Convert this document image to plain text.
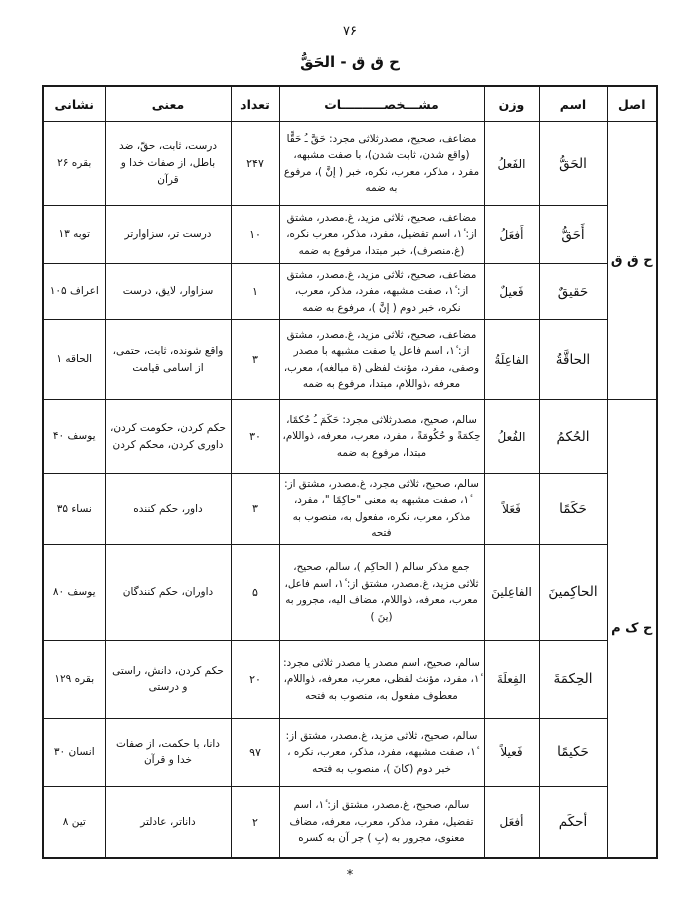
۷۶
ح ق ق - الحَقُّ
اصل	اسم	وزن	مشـــخصــــــــــات	تعداد	معنی	نشانی
ح ق ق	الحَقُّ	الفَعلُ	مضاعف، صحیح، مصدرثلاثی مجرد: حَقَّ ـُ حَقًّا (واقع شدن، ثابت شدن)، با صفت مشبهه، مفرد ، مذکر، معرب، نکره، خبر ( إنَّ )، مرفوع به ضمه	۲۴۷	درست، ثابت، حقّ، ضد باطل، از صفات خدا و قرآن	بقره ۲۶
	أَحَقُّ	أَفعَلُ	مضاعف، صحیح، ثلاثی مزید، غ.مصدر، مشتق از: ١ٔ، اسم تفضیل، مفرد، مذکر، معرب نکره، (غ.منصرف)، خبر مبتدا، مرفوع به ضمه	۱۰	درست تر، سزاوارتر	توبه ۱۳
	حَقیقٌ	فَعیلٌ	مضاعف، صحیح، ثلاثی مزید، غ.مصدر، مشتق از: ١ٔ، صفت مشبهه، مفرد، مذکر، معرب، نکره، خبر دوم ( إنَّ )، مرفوع به ضمه	۱	سزاوار، لایق، درست	اعراف ۱۰۵
	الحاقَّةُ	الفاعِلَةُ	مضاعف، صحیح، ثلاثی مزید، غ.مصدر، مشتق از: ١ٔ، اسم فاعل یا صفت مشبهه با مصدر وصفی، مفرد، مؤنث لفظی (ة مبالغه)، معرب، معرفه ،ذواللام، مبتدا، مرفوع به ضمه	۳	واقع شونده، ثابت، حتمی، از اسامی قیامت	الحاقه ۱
ح ک م	الحُكمُ	الفُعلُ	سالم، صحیح، مصدرثلاثی مجرد: حَكَمَ ـُ حُكمًا، حِكمَةً و حُكُومَةً ، مفرد، معرب، معرفه، ذواللام، مبتدا، مرفوع به ضمه	۳۰	حكم كردن، حكومت كردن، داوری كردن، محكم كردن	یوسف ۴۰
	حَكَمًا	فَعَلاً	سالم، صحیح، ثلاثی مجرد، غ.مصدر، مشتق از: ١ٔ، صفت مشبهه به معنی "حاكِمًا "، مفرد، مذكر، معرب، نكره، مفعول به، منصوب به فتحه	۳	داور، حكم كننده	نساء ۳۵
	الحاكِمینَ	الفاعِلینَ	جمع مذكر سالم ( الحاكِم )، سالم، صحیح، ثلاثی مزید، غ.مصدر، مشتق از: ١ٔ، اسم فاعل، معرب، معرفه، ذواللام، مضاف الیه، مجرور به (ینَ )	۵	داوران، حكم كنندگان	یوسف ۸۰
	الحِكمَةَ	الفِعلَةَ	سالم، صحیح، اسم مصدر یا مصدر ثلاثی مجرد: ١ٔ، مفرد، مؤنث لفظی، معرب، معرفه، ذواللام، معطوف مفعول به، منصوب به فتحه	۲۰	حكم كردن، دانش، راستی و درستی	بقره ۱۲۹
	حَكیمًا	فَعیلاً	سالم، صحیح، ثلاثی مزید، غ.مصدر، مشتق از: ١ٔ، صفت مشبهه، مفرد، مذكر، معرب، نكره ، خبر دوم (كانَ )، منصوب به فتحه	۹۷	دانا، با حكمت، از صفات خدا و قرآن	انسان ۳۰
	أحكَم	أفعَل	سالم، صحیح، غ.مصدر، مشتق از: ١ٔ، اسم تفضیل، مفرد، مذكر، معرب، معرفه، مضاف معنوی، مجرور به (بِ ) جر آن به كسره	۲	داناتر، عادلتر	تین ۸
*
